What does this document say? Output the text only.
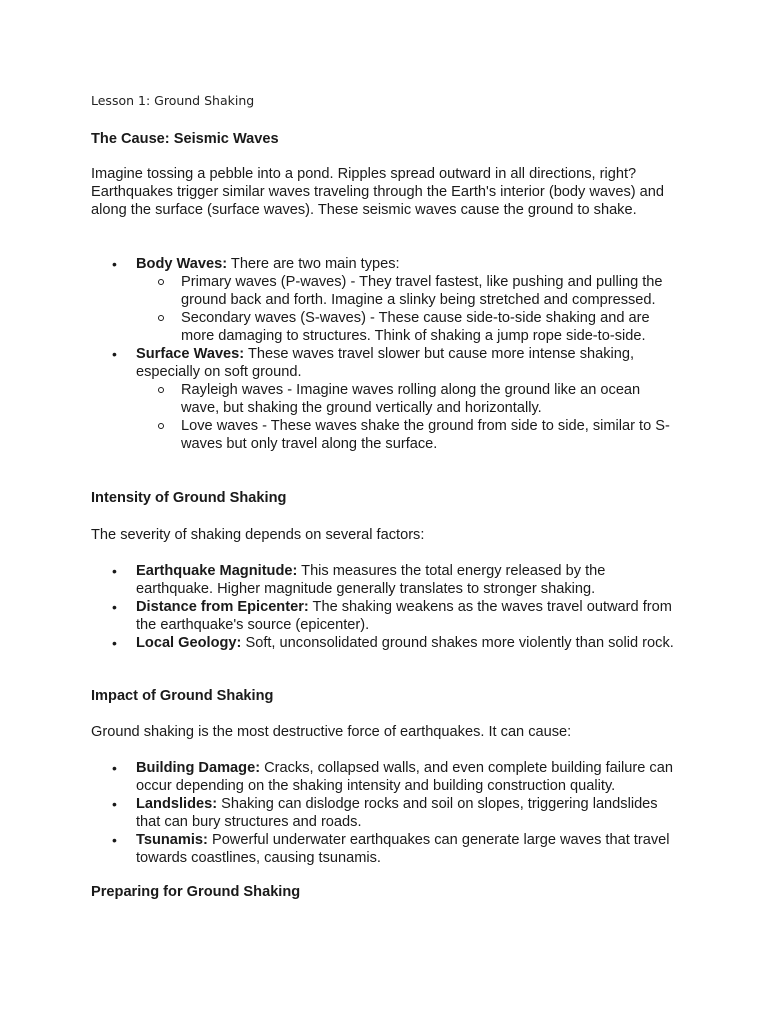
Lesson 1: Ground Shaking
The Cause: Seismic Waves

Imagine tossing a pebble into a pond. Ripples spread outward in all directions, right? Earthquakes trigger similar waves traveling through the Earth's interior (body waves) and along the surface (surface waves). These seismic waves cause the ground to shake.

• Body Waves: There are two main types:
Primary waves (P-waves) - They travel fastest, like pushing and pulling the ground back and forth. Imagine a slinky being stretched and compressed.
Secondary waves (S-waves) - These cause side-to-side shaking and are more damaging to structures. Think of shaking a jump rope side-to-side.
• Surface Waves: These waves travel slower but cause more intense shaking, especially on soft ground.
Rayleigh waves - Imagine waves rolling along the ground like an ocean wave, but shaking the ground vertically and horizontally.
Love waves - These waves shake the ground from side to side, similar to S-waves but only travel along the surface.
Intensity of Ground Shaking

The severity of shaking depends on several factors:

• Earthquake Magnitude: This measures the total energy released by the earthquake. Higher magnitude generally translates to stronger shaking.
• Distance from Epicenter: The shaking weakens as the waves travel outward from the earthquake's source (epicenter).
• Local Geology: Soft, unconsolidated ground shakes more violently than solid rock.
Impact of Ground Shaking

Ground shaking is the most destructive force of earthquakes. It can cause:

• Building Damage: Cracks, collapsed walls, and even complete building failure can occur depending on the shaking intensity and building construction quality.
• Landslides: Shaking can dislodge rocks and soil on slopes, triggering landslides that can bury structures and roads.
• Tsunamis: Powerful underwater earthquakes can generate large waves that travel towards coastlines, causing tsunamis.
Preparing for Ground Shaking
